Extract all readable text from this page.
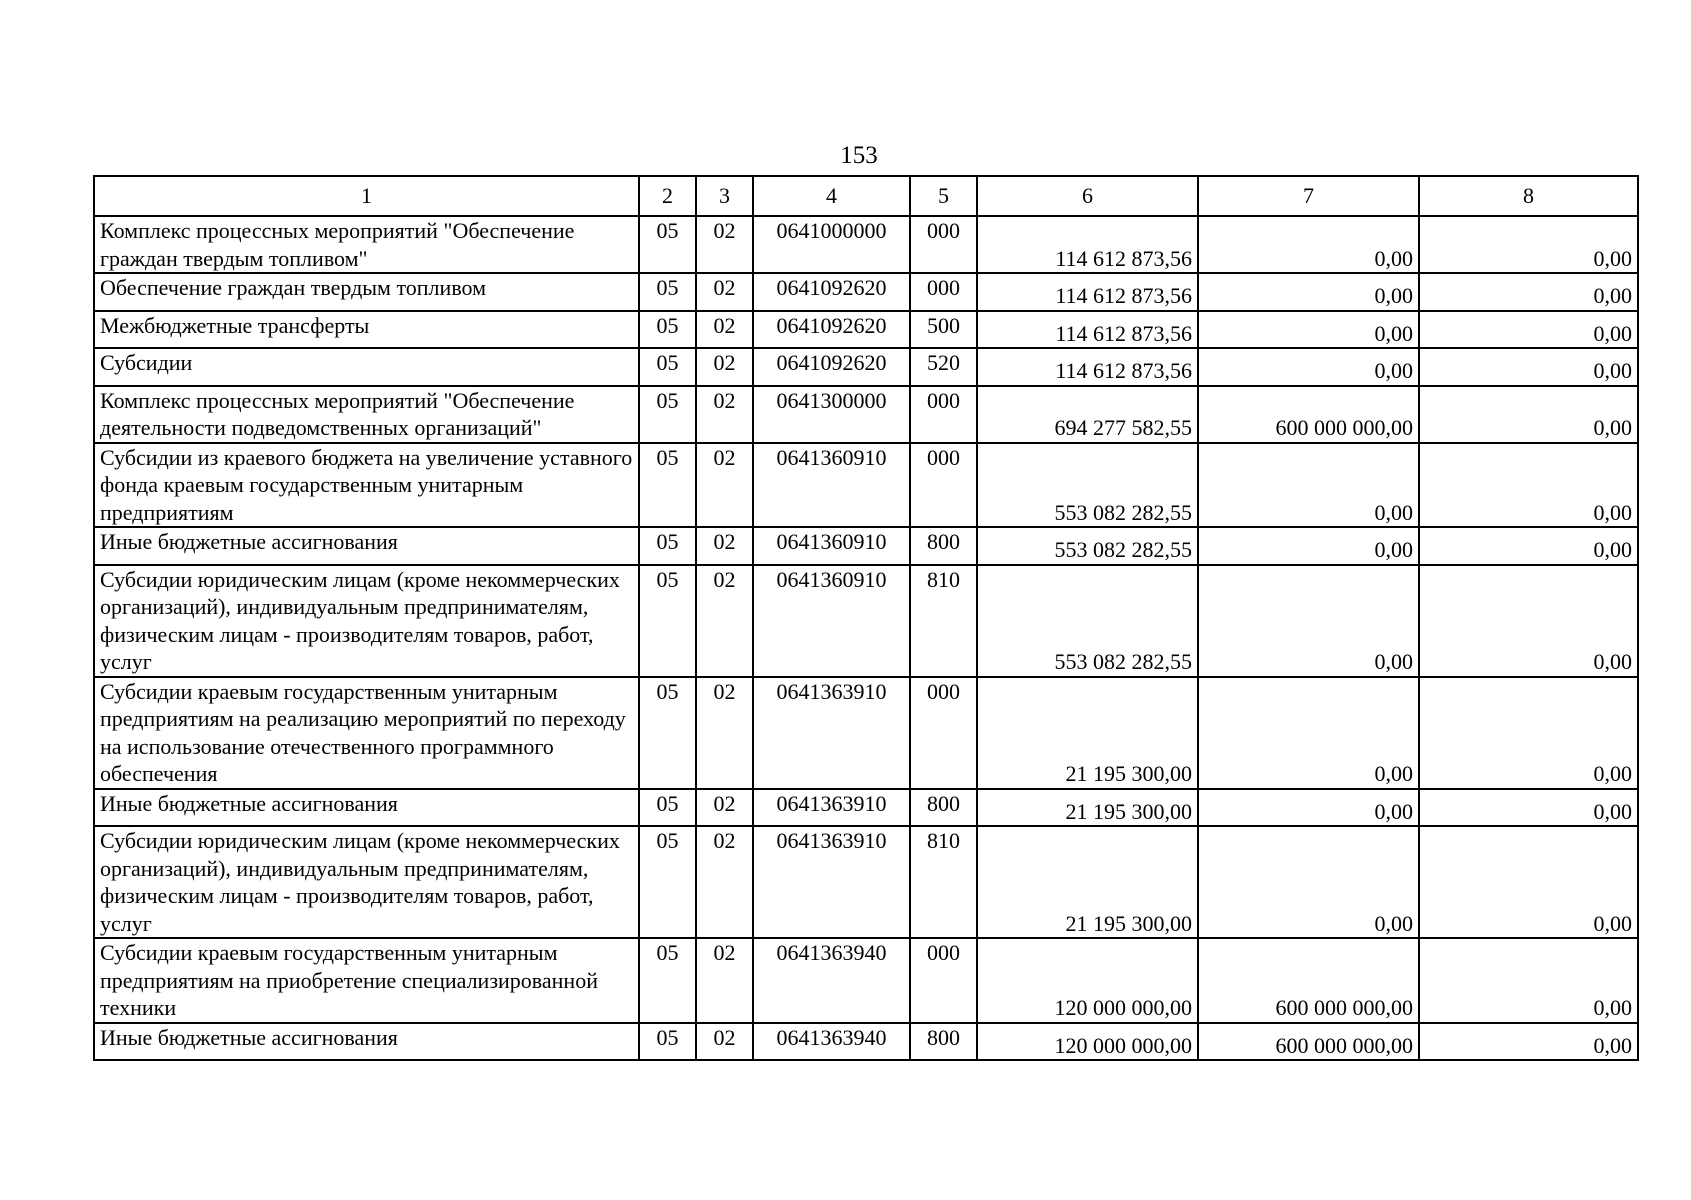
153
1	2	3	4	5	6	7	8
Комплекс процессных мероприятий "Обеспечение граждан твердым топливом"	05	02	0641000000	000	114 612 873,56	0,00	0,00
Обеспечение граждан твердым топливом	05	02	0641092620	000	114 612 873,56	0,00	0,00
Межбюджетные трансферты	05	02	0641092620	500	114 612 873,56	0,00	0,00
Субсидии	05	02	0641092620	520	114 612 873,56	0,00	0,00
Комплекс процессных мероприятий "Обеспечение деятельности подведомственных организаций"	05	02	0641300000	000	694 277 582,55	600 000 000,00	0,00
Субсидии из краевого бюджета на увеличение уставного фонда краевым государственным унитарным предприятиям	05	02	0641360910	000	553 082 282,55	0,00	0,00
Иные бюджетные ассигнования	05	02	0641360910	800	553 082 282,55	0,00	0,00
Субсидии юридическим лицам (кроме некоммерческих организаций), индивидуальным предпринимателям, физическим лицам - производителям товаров, работ, услуг	05	02	0641360910	810	553 082 282,55	0,00	0,00
Субсидии краевым государственным унитарным предприятиям на реализацию мероприятий по переходу на использование отечественного программного обеспечения	05	02	0641363910	000	21 195 300,00	0,00	0,00
Иные бюджетные ассигнования	05	02	0641363910	800	21 195 300,00	0,00	0,00
Субсидии юридическим лицам (кроме некоммерческих организаций), индивидуальным предпринимателям, физическим лицам - производителям товаров, работ, услуг	05	02	0641363910	810	21 195 300,00	0,00	0,00
Субсидии краевым государственным унитарным предприятиям на приобретение специализированной техники	05	02	0641363940	000	120 000 000,00	600 000 000,00	0,00
Иные бюджетные ассигнования	05	02	0641363940	800	120 000 000,00	600 000 000,00	0,00
